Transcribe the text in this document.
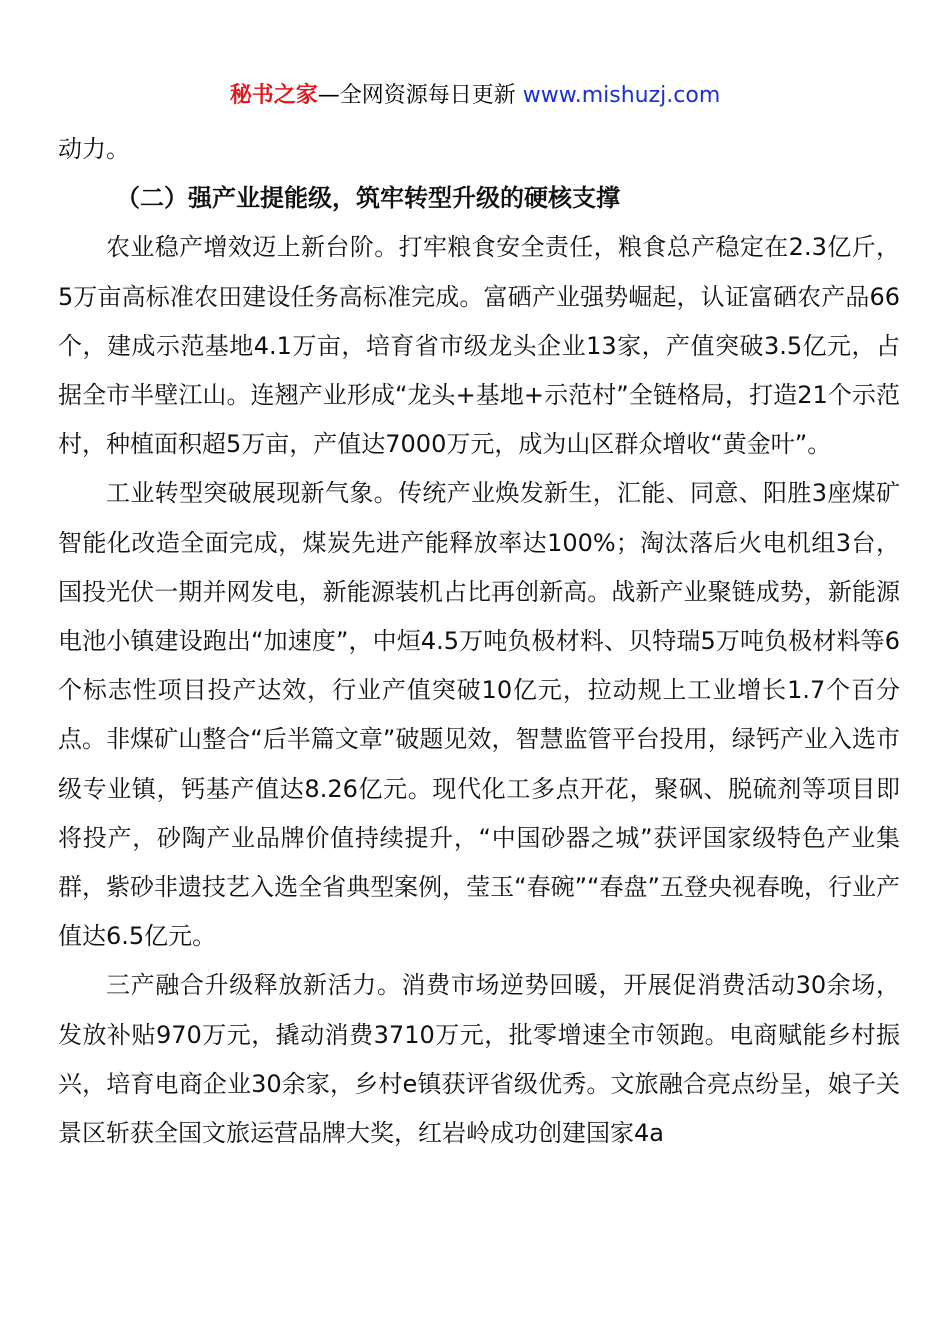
秘书之家—全网资源每日更新 www.mishuzj.com

动力。

（二）强产业提能级，筑牢转型升级的硬核支撑

农业稳产增效迈上新台阶。打牢粮食安全责任，粮食总产稳定在2.3亿斤，5万亩高标准农田建设任务高标准完成。富硒产业强势崛起，认证富硒农产品66个，建成示范基地4.1万亩，培育省市级龙头企业13家，产值突破3.5亿元，占据全市半壁江山。连翘产业形成“龙头+基地+示范村”全链格局，打造21个示范村，种植面积超5万亩，产值达7000万元，成为山区群众增收“黄金叶”。

工业转型突破展现新气象。传统产业焕发新生，汇能、同意、阳胜3座煤矿智能化改造全面完成，煤炭先进产能释放率达100%；淘汰落后火电机组3台，国投光伏一期并网发电，新能源装机占比再创新高。战新产业聚链成势，新能源电池小镇建设跑出“加速度”，中烜4.5万吨负极材料、贝特瑞5万吨负极材料等6个标志性项目投产达效，行业产值突破10亿元，拉动规上工业增长1.7个百分点。非煤矿山整合“后半篇文章”破题见效，智慧监管平台投用，绿钙产业入选市级专业镇，钙基产值达8.26亿元。现代化工多点开花，聚砜、脱硫剂等项目即将投产，砂陶产业品牌价值持续提升，“中国砂器之城”获评国家级特色产业集群，紫砂非遗技艺入选全省典型案例，莹玉“春碗”“春盘”五登央视春晚，行业产值达6.5亿元。

三产融合升级释放新活力。消费市场逆势回暖，开展促消费活动30余场，发放补贴970万元，撬动消费3710万元，批零增速全市领跑。电商赋能乡村振兴，培育电商企业30余家，乡村e镇获评省级优秀。文旅融合亮点纷呈，娘子关景区斩获全国文旅运营品牌大奖，红岩岭成功创建国家4a
